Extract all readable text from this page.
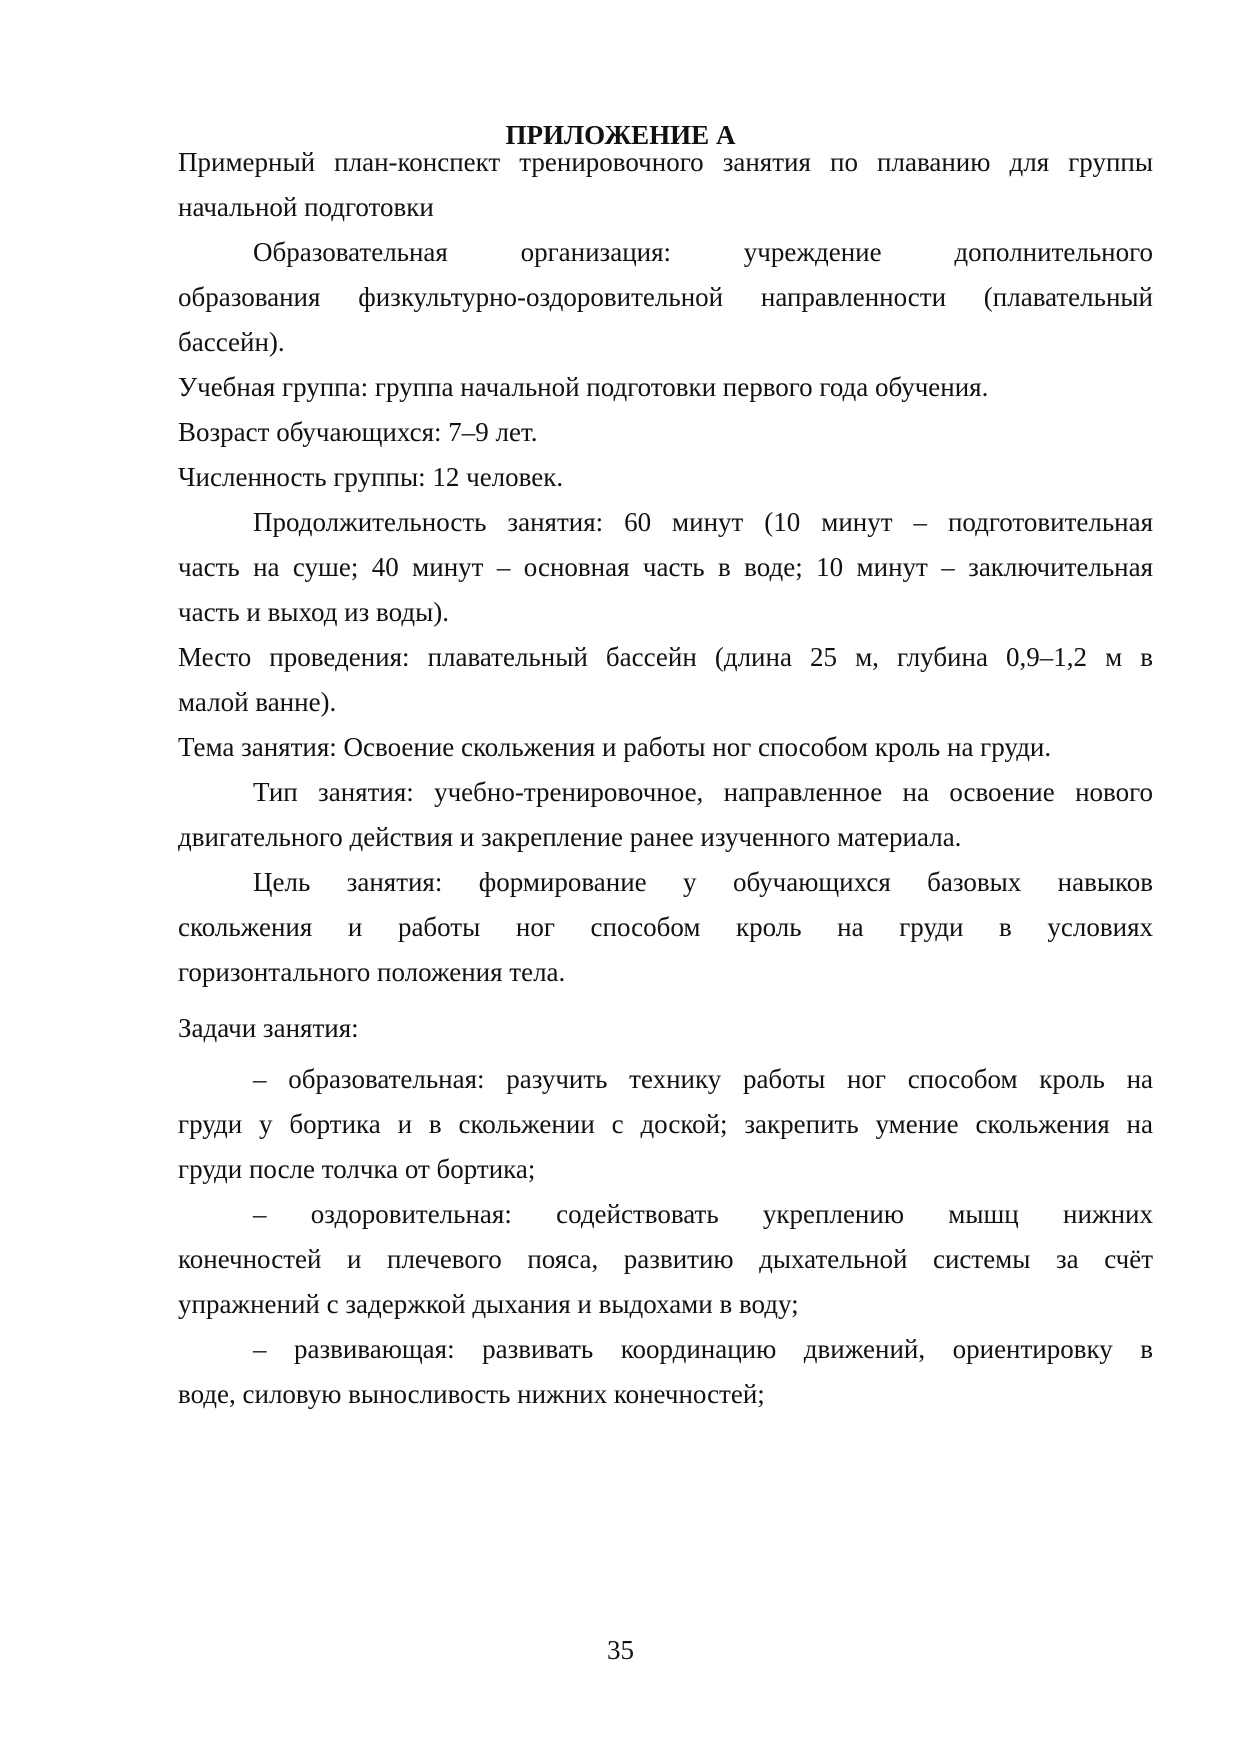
ПРИЛОЖЕНИЕ А
Примерный план-конспект тренировочного занятия по плаванию для группы
начальной подготовки
Образовательная организация: учреждение дополнительного
образования физкультурно-оздоровительной направленности (плавательный
бассейн).
Учебная группа: группа начальной подготовки первого года обучения.
Возраст обучающихся: 7–9 лет.
Численность группы: 12 человек.
Продолжительность занятия: 60 минут (10 минут – подготовительная
часть на суше; 40 минут – основная часть в воде; 10 минут – заключительная
часть и выход из воды).
Место проведения: плавательный бассейн (длина 25 м, глубина 0,9–1,2 м в
малой ванне).
Тема занятия: Освоение скольжения и работы ног способом кроль на груди.
Тип занятия: учебно-тренировочное, направленное на освоение нового
двигательного действия и закрепление ранее изученного материала.
Цель занятия: формирование у обучающихся базовых навыков
скольжения и работы ног способом кроль на груди в условиях
горизонтального положения тела.
Задачи занятия:
– образовательная: разучить технику работы ног способом кроль на
груди у бортика и в скольжении с доской; закрепить умение скольжения на
груди после толчка от бортика;
– оздоровительная: содействовать укреплению мышц нижних
конечностей и плечевого пояса, развитию дыхательной системы за счёт
упражнений с задержкой дыхания и выдохами в воду;
– развивающая: развивать координацию движений, ориентировку в
воде, силовую выносливость нижних конечностей;
35
